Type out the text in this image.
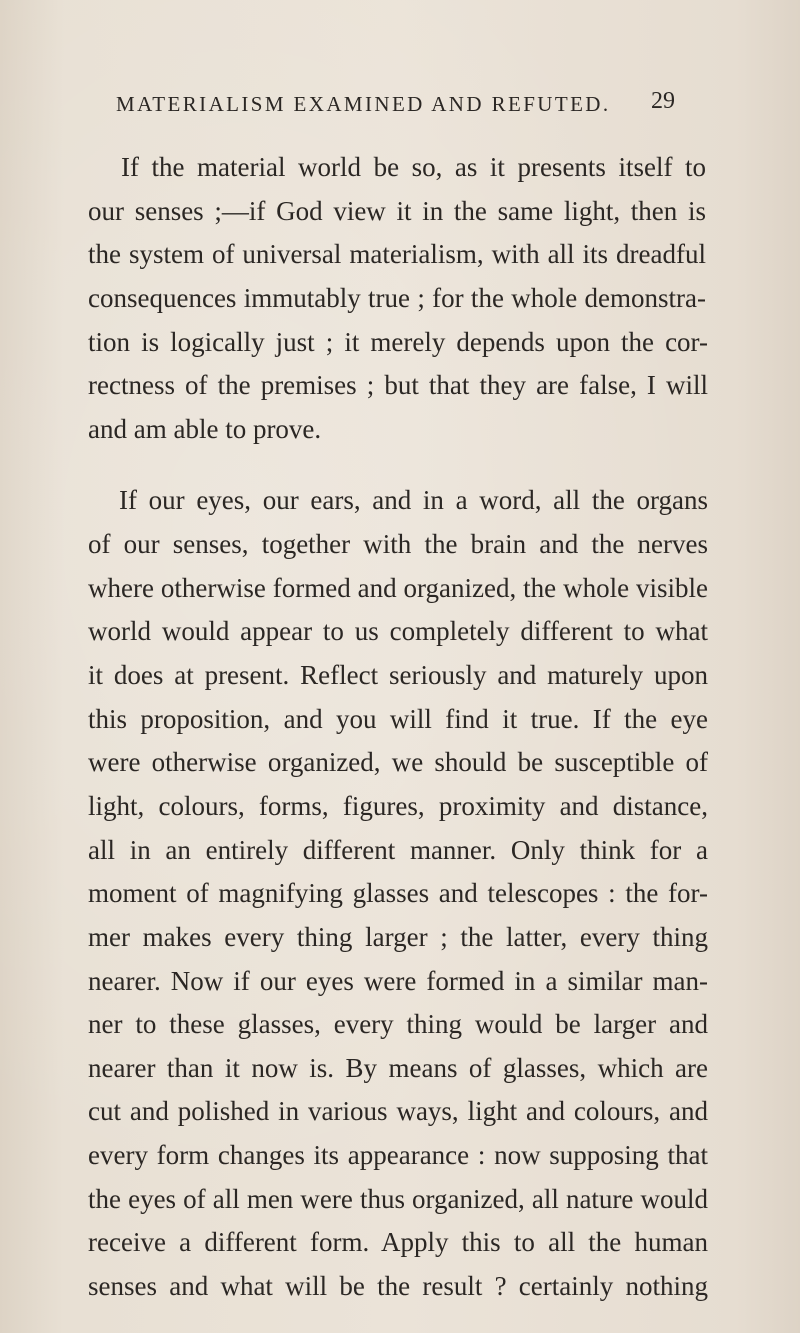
MATERIALISM EXAMINED AND REFUTED. 29
If the material world be so, as it presents itself to
our senses ;—if God view it in the same light, then is
the system of universal materialism, with all its dreadful
consequences immutably true ; for the whole demonstra-
tion is logically just ; it merely depends upon the cor-
rectness of the premises ; but that they are false, I will
and am able to prove.
If our eyes, our ears, and in a word, all the organs
of our senses, together with the brain and the nerves
where otherwise formed and organized, the whole visible
world would appear to us completely different to what
it does at present. Reflect seriously and maturely upon
this proposition, and you will find it true. If the eye
were otherwise organized, we should be susceptible of
light, colours, forms, figures, proximity and distance,
all in an entirely different manner. Only think for a
moment of magnifying glasses and telescopes : the for-
mer makes every thing larger ; the latter, every thing
nearer. Now if our eyes were formed in a similar man-
ner to these glasses, every thing would be larger and
nearer than it now is. By means of glasses, which are
cut and polished in various ways, light and colours, and
every form changes its appearance : now supposing that
the eyes of all men were thus organized, all nature would
receive a different form. Apply this to all the human
senses and what will be the result ? certainly nothing
